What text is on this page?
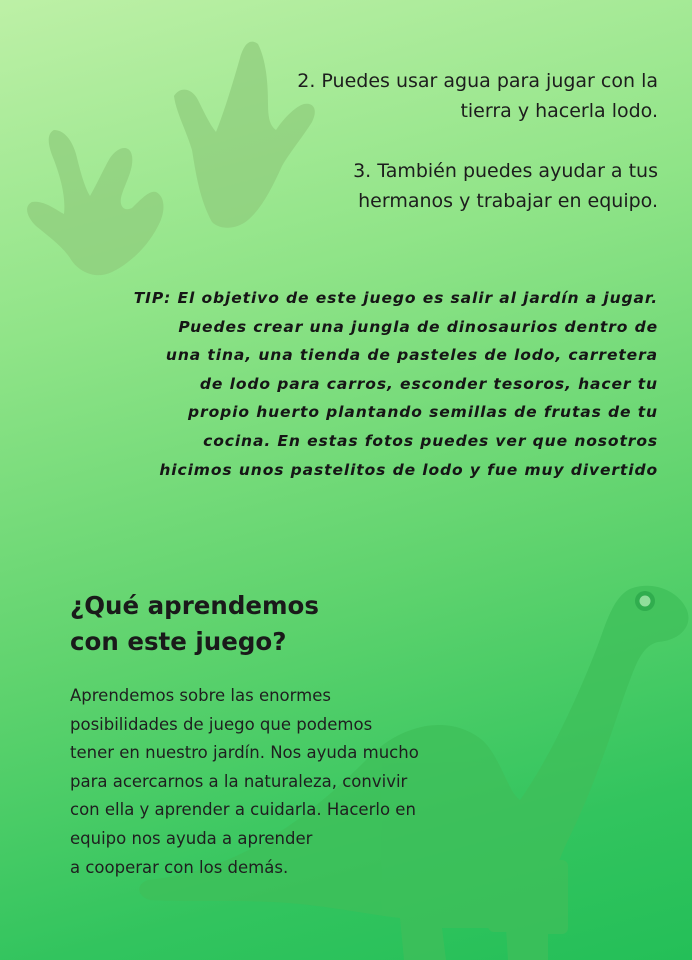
2. Puedes usar agua para jugar con la
tierra y hacerla lodo.

3. También puedes ayudar a tus
hermanos y trabajar en equipo.

TIP: El objetivo de este juego es salir al jardín a jugar.
Puedes crear una jungla de dinosaurios dentro de
una tina, una tienda de pasteles de lodo, carretera
de lodo para carros, esconder tesoros, hacer tu
propio huerto plantando semillas de frutas de tu
cocina. En estas fotos puedes ver que nosotros
hicimos unos pastelitos de lodo y fue muy divertido

¿Qué aprendemos
con este juego?

Aprendemos sobre las enormes
posibilidades de juego que podemos
tener en nuestro jardín. Nos ayuda mucho
para acercarnos a la naturaleza, convivir
con ella y aprender a cuidarla. Hacerlo en
equipo nos ayuda a aprender
a cooperar con los demás.
